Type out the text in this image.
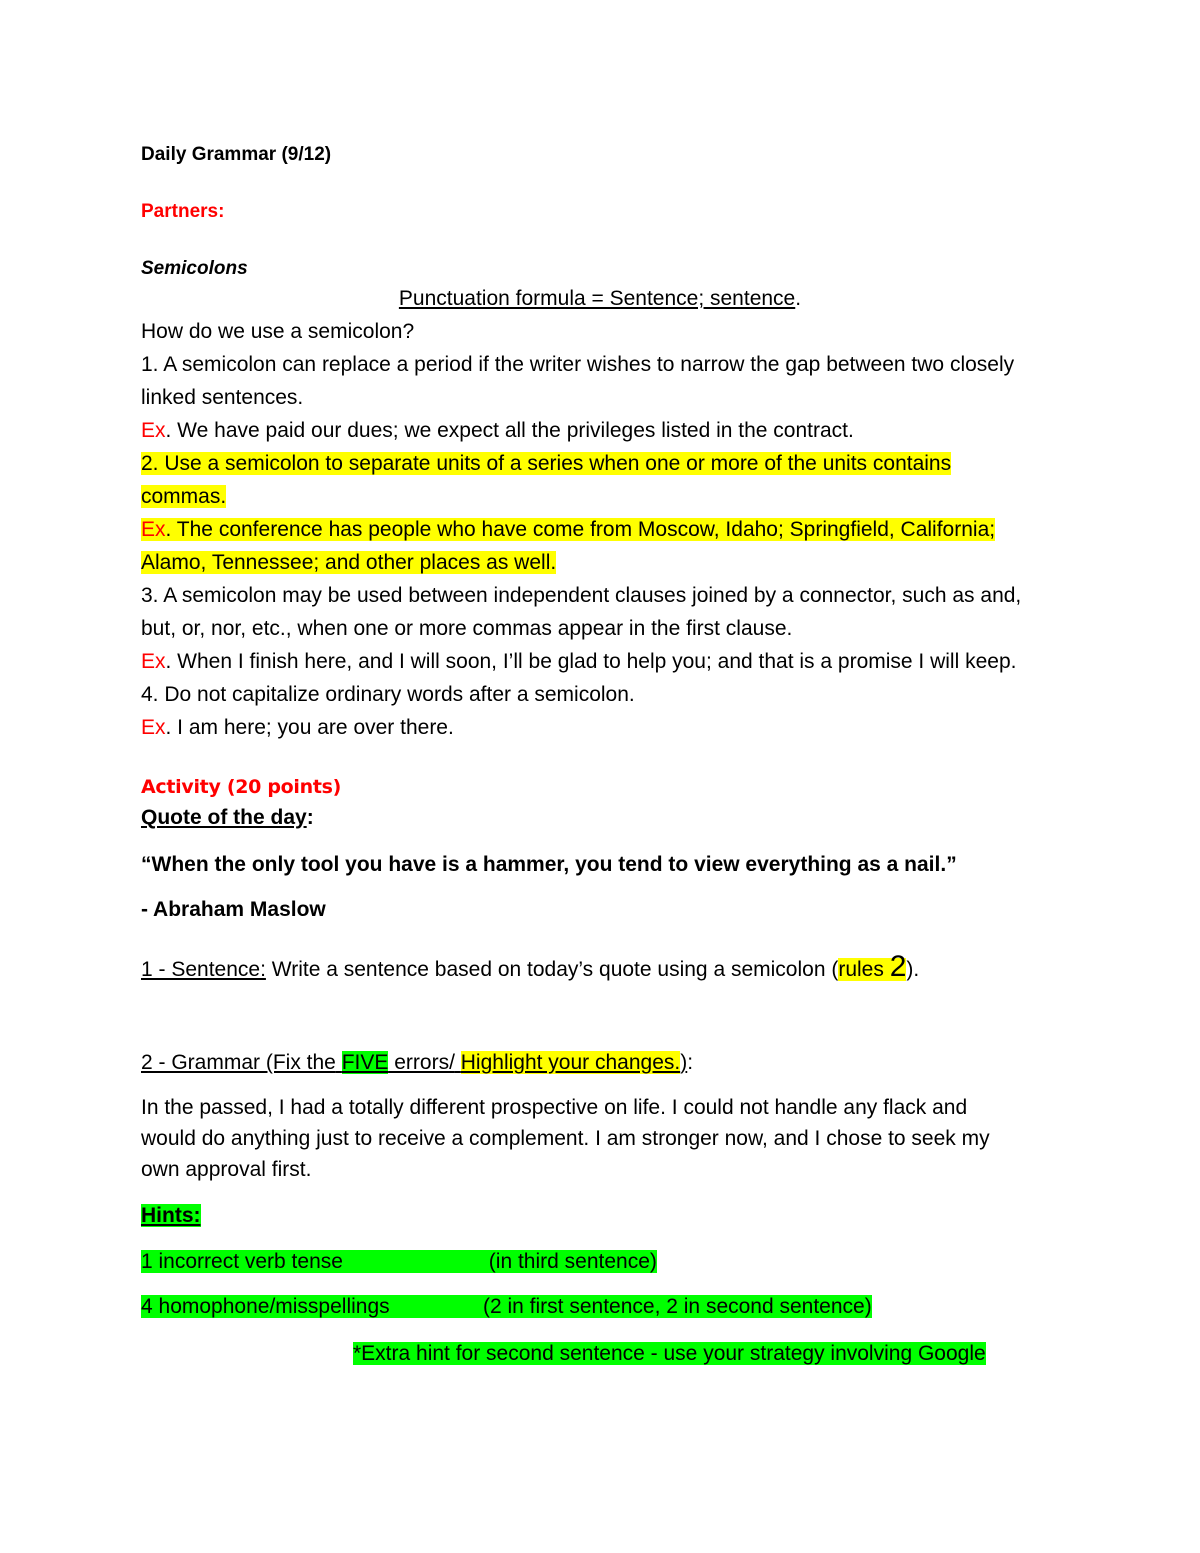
Daily Grammar (9/12)
Partners:
Semicolons
Punctuation formula = Sentence; sentence.
How do we use a semicolon?
1. A semicolon can replace a period if the writer wishes to narrow the gap between two closely
linked sentences.
Ex. We have paid our dues; we expect all the privileges listed in the contract.
2. Use a semicolon to separate units of a series when one or more of the units contains
commas.
Ex. The conference has people who have come from Moscow, Idaho; Springfield, California;
Alamo, Tennessee; and other places as well.
3. A semicolon may be used between independent clauses joined by a connector, such as and,
but, or, nor, etc., when one or more commas appear in the first clause.
Ex. When I finish here, and I will soon, I’ll be glad to help you; and that is a promise I will keep.
4. Do not capitalize ordinary words after a semicolon.
Ex. I am here; you are over there.
Activity (20 points)
Quote of the day:
“When the only tool you have is a hammer, you tend to view everything as a nail.”
- Abraham Maslow
1 - Sentence: Write a sentence based on today’s quote using a semicolon (rules 2).
2 - Grammar (Fix the FIVE errors/ Highlight your changes.):
In the passed, I had a totally different prospective on life. I could not handle any flack and
would do anything just to receive a complement. I am stronger now, and I chose to seek my
own approval first.
Hints:
1 incorrect verb tense                         (in third sentence)
4 homophone/misspellings                (2 in first sentence, 2 in second sentence)
*Extra hint for second sentence - use your strategy involving Google
